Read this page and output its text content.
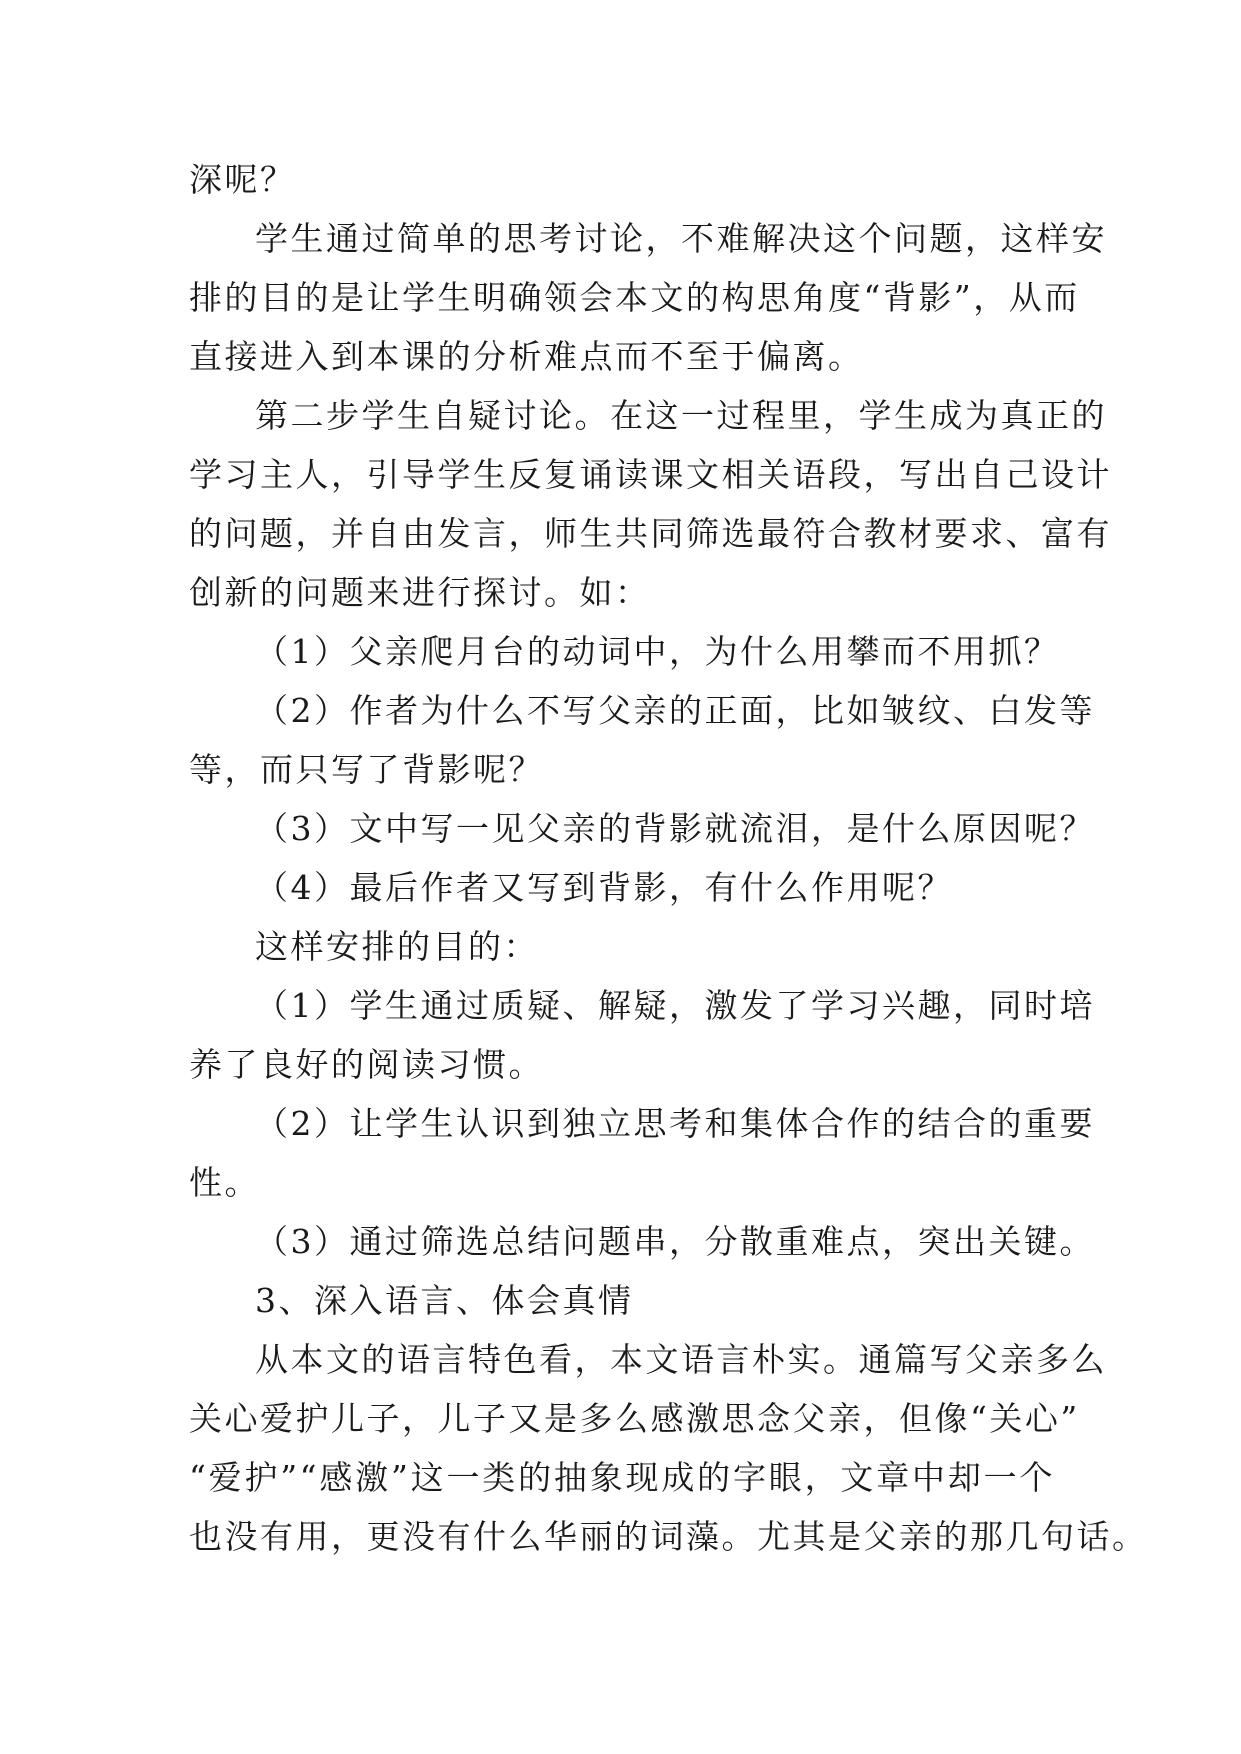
深呢？
学生通过简单的思考讨论，不难解决这个问题，这样安
排的目的是让学生明确领会本文的构思角度“背影”，从而
直接进入到本课的分析难点而不至于偏离。
第二步学生自疑讨论。在这一过程里，学生成为真正的
学习主人，引导学生反复诵读课文相关语段，写出自己设计
的问题，并自由发言，师生共同筛选最符合教材要求、富有
创新的问题来进行探讨。如：
（1）父亲爬月台的动词中，为什么用攀而不用抓？
（2）作者为什么不写父亲的正面，比如皱纹、白发等
等，而只写了背影呢？
（3）文中写一见父亲的背影就流泪，是什么原因呢？
（4）最后作者又写到背影，有什么作用呢？
这样安排的目的：
（1）学生通过质疑、解疑，激发了学习兴趣，同时培
养了良好的阅读习惯。
（2）让学生认识到独立思考和集体合作的结合的重要
性。
（3）通过筛选总结问题串，分散重难点，突出关键。
3、深入语言、体会真情
从本文的语言特色看，本文语言朴实。通篇写父亲多么
关心爱护儿子，儿子又是多么感激思念父亲，但像“关心”
“爱护”“感激”这一类的抽象现成的字眼，文章中却一个
也没有用，更没有什么华丽的词藻。尤其是父亲的那几句话。
